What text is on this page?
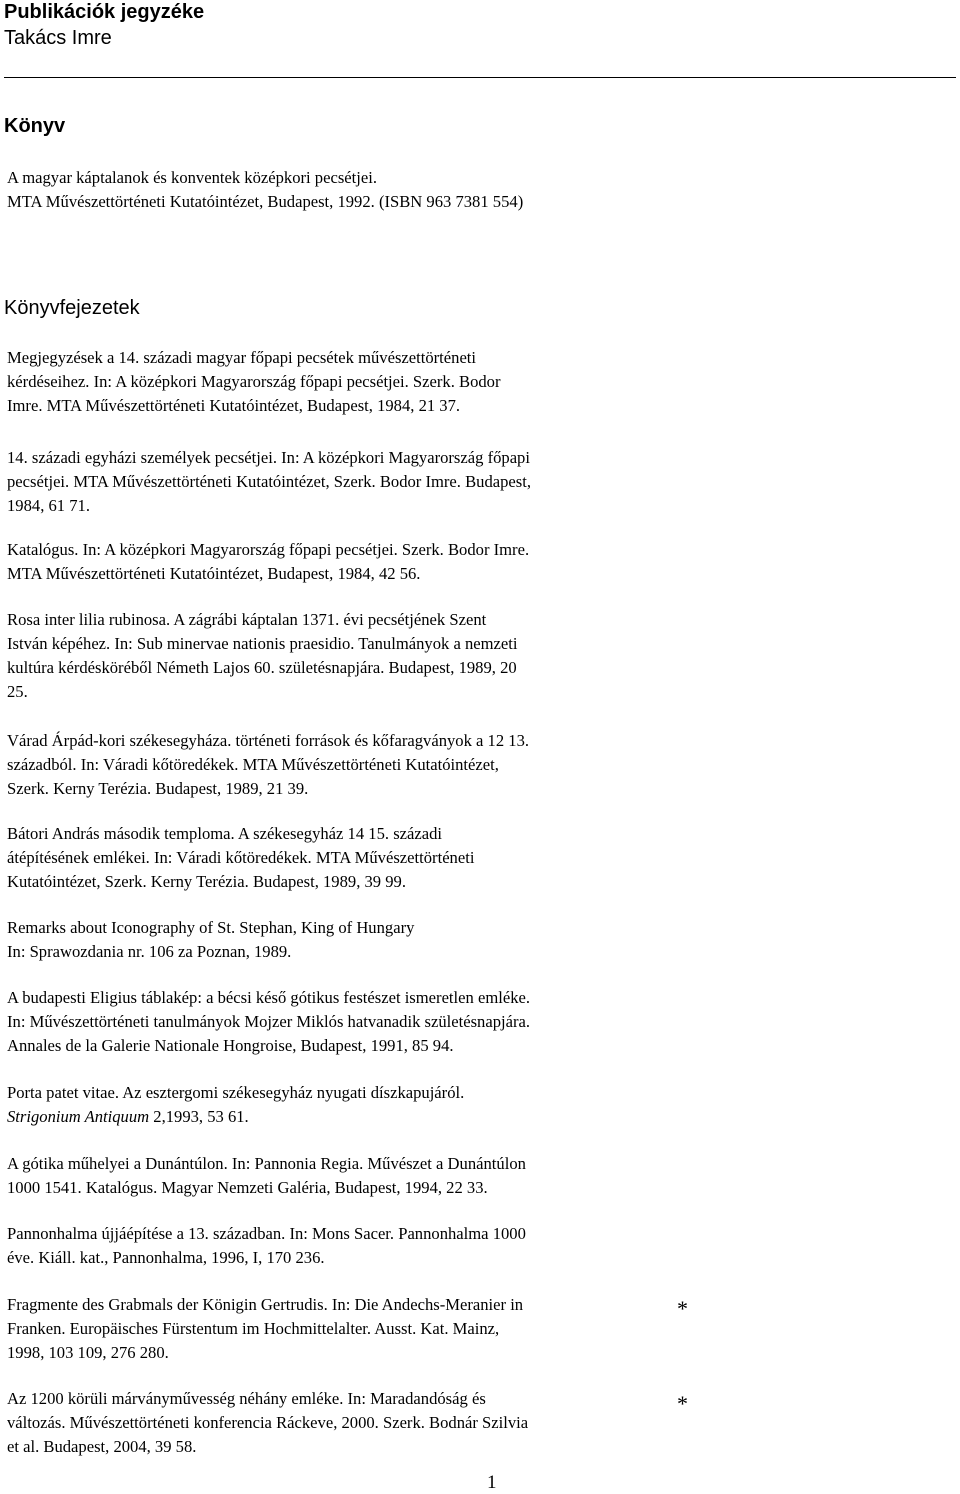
Publikációk jegyzéke
Takács Imre
Könyv
A magyar káptalanok és konventek középkori pecsétjei.
MTA Művészettörténeti Kutatóintézet, Budapest, 1992. (ISBN 963 7381 554)
Könyvfejezetek
Megjegyzések a 14. századi magyar főpapi pecsétek művészettörténeti
kérdéseihez. In: A középkori Magyarország főpapi pecsétjei. Szerk. Bodor
Imre. MTA Művészettörténeti Kutatóintézet, Budapest, 1984, 21 37.
14. századi egyházi személyek pecsétjei. In: A középkori Magyarország főpapi
pecsétjei. MTA Művészettörténeti Kutatóintézet, Szerk. Bodor Imre. Budapest,
1984, 61 71.
Katalógus. In: A középkori Magyarország főpapi pecsétjei. Szerk. Bodor Imre.
MTA Művészettörténeti Kutatóintézet, Budapest, 1984, 42 56.
Rosa inter lilia rubinosa. A zágrábi káptalan 1371. évi pecsétjének Szent
István képéhez. In: Sub minervae nationis praesidio. Tanulmányok a nemzeti
kultúra kérdésköréből Németh Lajos 60. születésnapjára. Budapest, 1989, 20
25.
Várad Árpád-kori székesegyháza. történeti források és kőfaragványok a 12 13.
századból. In: Váradi kőtöredékek. MTA Művészettörténeti Kutatóintézet,
Szerk. Kerny Terézia. Budapest, 1989, 21 39.
Bátori András második temploma. A székesegyház 14 15. századi
átépítésének emlékei. In: Váradi kőtöredékek. MTA Művészettörténeti
Kutatóintézet, Szerk. Kerny Terézia. Budapest, 1989, 39 99.
Remarks about Iconography of St. Stephan, King of Hungary
In: Sprawozdania nr. 106 za Poznan, 1989.
A budapesti Eligius táblakép: a bécsi késő gótikus festészet ismeretlen emléke.
In: Művészettörténeti tanulmányok Mojzer Miklós hatvanadik születésnapjára.
Annales de la Galerie Nationale Hongroise, Budapest, 1991, 85 94.
Porta patet vitae. Az esztergomi székesegyház nyugati díszkapujáról.
Strigonium Antiquum 2,1993, 53 61.
A gótika műhelyei a Dunántúlon. In: Pannonia Regia. Művészet a Dunántúlon
1000 1541. Katalógus. Magyar Nemzeti Galéria, Budapest, 1994, 22 33.
Pannonhalma újjáépítése a 13. században. In: Mons Sacer. Pannonhalma 1000
éve. Kiáll. kat., Pannonhalma, 1996, I, 170 236.
Fragmente des Grabmals der Königin Gertrudis. In: Die Andechs-Meranier in
Franken. Europäisches Fürstentum im Hochmittelalter. Ausst. Kat. Mainz,
1998, 103 109, 276 280.
*
Az 1200 körüli márványművesség néhány emléke. In: Maradandóság és
változás. Művészettörténeti konferencia Ráckeve, 2000. Szerk. Bodnár Szilvia
et al. Budapest, 2004, 39 58.
*
1
